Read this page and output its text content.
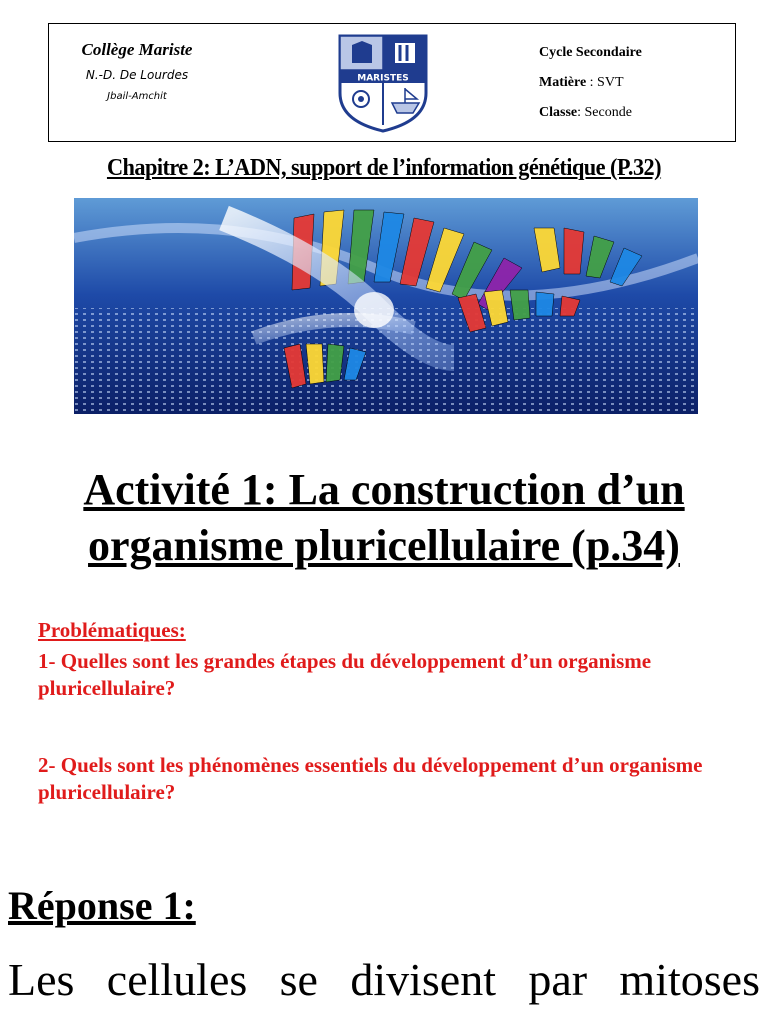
Collège Mariste
N.-D. De Lourdes
Jbail-Amchit
MARISTES
Cycle Secondaire
Matière : SVT
Classe: Seconde
Chapitre 2: L’ADN, support de l’information génétique (P.32)
Activité 1: La construction d’un
organisme pluricellulaire (p.34)
Problématiques:
1- Quelles sont les grandes étapes du développement d’un organisme pluricellulaire?
2- Quels sont les phénomènes essentiels du développement d’un organisme pluricellulaire?
Réponse 1:
Les cellules se divisent par mitoses
